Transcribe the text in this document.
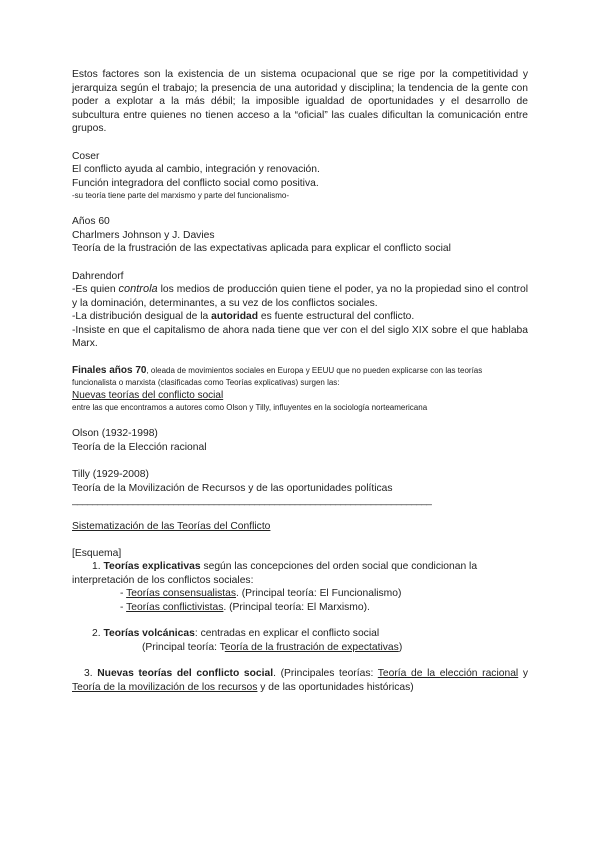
Estos factores son la existencia de un sistema ocupacional que se rige por la competitividad y jerarquiza según el trabajo; la presencia de una autoridad y disciplina; la tendencia de la gente con poder a explotar a la más débil; la imposible igualdad de oportunidades y el desarrollo de subcultura entre quienes no tienen acceso a la “oficial” las cuales dificultan la comunicación entre grupos.

Coser

El conflicto ayuda al cambio, integración y renovación.

Función integradora del conflicto social como positiva.

-su teoría tiene parte del marxismo y parte del funcionalismo-

Años 60

Charlmers Johnson y J. Davies

Teoría de la frustración de las expectativas aplicada para explicar el conflicto social

Dahrendorf

-Es quien controla los medios de producción quien tiene el poder, ya no la propiedad sino el control y la dominación, determinantes, a su vez de los conflictos sociales.

-La distribución desigual de la autoridad es fuente estructural del conflicto.

-Insiste en que el capitalismo de ahora nada tiene que ver con el del siglo XIX sobre el que hablaba Marx.

Finales años 70, oleada de movimientos sociales en Europa y EEUU que no pueden explicarse con las teorías funcionalista o marxista (clasificadas como Teorías explicativas) surgen las:

Nuevas teorías del conflicto social

entre las que encontramos a autores como Olson y Tilly, influyentes en la sociología norteamericana

Olson (1932-1998)

Teoría de la Elección racional

Tilly (1929-2008)

Teoría de la Movilización de Recursos y de las oportunidades políticas

_______________________________________________________________________

Sistematización de las Teorías del Conflicto

[Esquema]

1. Teorías explicativas según las concepciones del orden social que condicionan la interpretación de los conflictos sociales:

- Teorías consensualistas. (Principal teoría: El Funcionalismo)

- Teorías conflictivistas. (Principal teoría: El Marxismo).

2. Teorías volcánicas: centradas en explicar el conflicto social

(Principal teoría: Teoría de la frustración de expectativas)

3. Nuevas teorías del conflicto social. (Principales teorías: Teoría de la elección racional y Teoría de la movilización de los recursos y de las oportunidades históricas)
